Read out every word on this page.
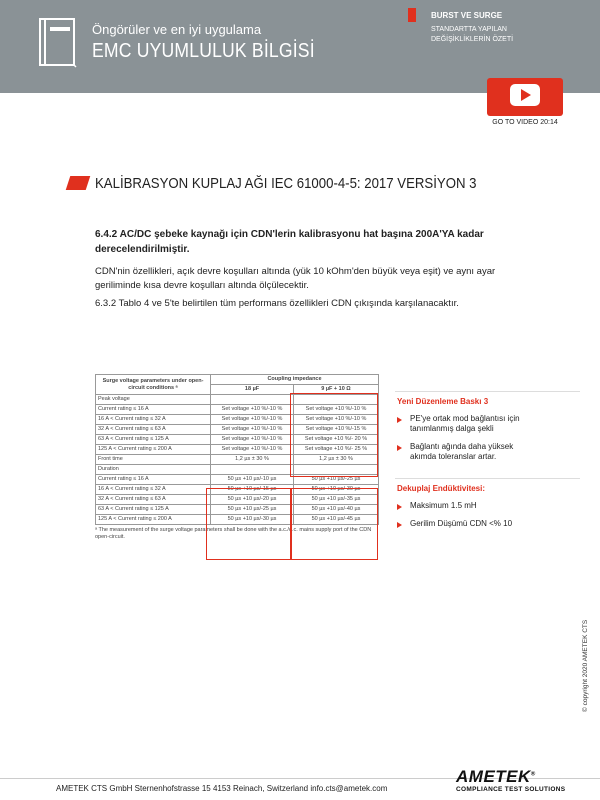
Öngörüler ve en iyi uygulama
EMC UYUMLULUK BİLGİSİ
BURST VE SURGE
STANDARTTA YAPILAN DEĞİŞİKLİKLERİN ÖZETİ
GO TO VIDEO 20:14
KALİBRASYON KUPLAJ AĞI IEC 61000-4-5: 2017 VERSİYON 3
6.4.2 AC/DC şebeke kaynağı için CDN'lerin kalibrasyonu hat başına 200A'YA kadar derecelendirilmiştir.
CDN'nin özellikleri, açık devre koşulları altında (yük 10 kOhm'den büyük veya eşit) ve aynı ayar geriliminde kısa devre koşulları altında ölçülecektir.
6.3.2 Tablo 4 ve 5'te belirtilen tüm performans özellikleri CDN çıkışında karşılanacaktır.
Surge voltage parameters under open-circuit conditions ᵃ	Coupling impedance	
	18 µF	9 µF + 10 Ω
Peak voltage		
Current rating ≤ 16 A	Set voltage +10 %/-10 %	Set voltage +10 %/-10 %
16 A < Current rating ≤ 32 A	Set voltage +10 %/-10 %	Set voltage +10 %/-10 %
32 A < Current rating ≤ 63 A	Set voltage +10 %/-10 %	Set voltage +10 %/-15 %
63 A < Current rating ≤ 125 A	Set voltage +10 %/-10 %	Set voltage +10 %/- 20 %
125 A < Current rating ≤ 200 A	Set voltage +10 %/-10 %	Set voltage +10 %/- 25 %
Front time	1,2 µs ± 30 %	1,2 µs ± 30 %
Duration		
Current rating ≤ 16 A	50 µs +10 µs/-10 µs	50 µs +10 µs/-25 µs
16 A < Current rating ≤ 32 A	50 µs +10 µs/-15 µs	50 µs +10 µs/-30 µs
32 A < Current rating ≤ 63 A	50 µs +10 µs/-20 µs	50 µs +10 µs/-35 µs
63 A < Current rating ≤ 125 A	50 µs +10 µs/-25 µs	50 µs +10 µs/-40 µs
125 A < Current rating ≤ 200 A	50 µs +10 µs/-30 µs	50 µs +10 µs/-45 µs
ᵃ The measurement of the surge voltage parameters shall be done with the a.c./d.c. mains supply port of the CDN open-circuit.
Yeni Düzenleme Baskı 3
PE'ye ortak mod bağlantısı için tanımlanmış dalga şekli
Bağlantı ağında daha yüksek akımda toleranslar artar.
Dekuplaj Endüktivitesi:
Maksimum 1.5 mH
Gerilim Düşümü CDN <% 10
© copyright 2020 AMETEK CTS
AMETEK CTS GmbH Sternenhofstrasse 15 4153 Reinach, Switzerland info.cts@ametek.com
AMETEK®
COMPLIANCE TEST SOLUTIONS
